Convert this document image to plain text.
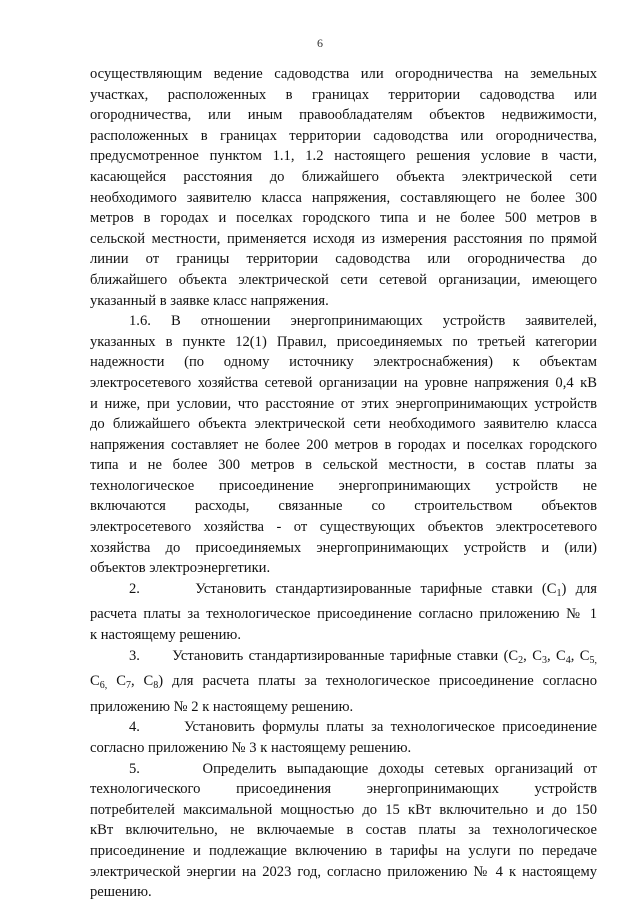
6
осуществляющим ведение садоводства или огородничества на земельных
участках, расположенных в границах территории садоводства или
огородничества, или иным правообладателям объектов недвижимости,
расположенных в границах территории садоводства или огородничества,
предусмотренное пунктом 1.1, 1.2 настоящего решения условие в части,
касающейся расстояния до ближайшего объекта электрической сети
необходимого заявителю класса напряжения, составляющего не более 300
метров в городах и поселках городского типа и не более 500 метров в
сельской местности, применяется исходя из измерения расстояния по прямой
линии от границы территории садоводства или огородничества до
ближайшего объекта электрической сети сетевой организации, имеющего
указанный в заявке класс напряжения.
1.6. В отношении энергопринимающих устройств заявителей,
указанных в пункте 12(1) Правил, присоединяемых по третьей категории
надежности (по одному источнику электроснабжения) к объектам
электросетевого хозяйства сетевой организации на уровне напряжения 0,4 кВ
и ниже, при условии, что расстояние от этих энергопринимающих устройств
до ближайшего объекта электрической сети необходимого заявителю класса
напряжения составляет не более 200 метров в городах и поселках городского
типа и не более 300 метров в сельской местности, в состав платы за
технологическое присоединение энергопринимающих устройств не
включаются расходы, связанные со строительством объектов
электросетевого хозяйства - от существующих объектов электросетевого
хозяйства до присоединяемых энергопринимающих устройств и (или)
объектов электроэнергетики.
2.      Установить стандартизированные тарифные ставки $(С_1)$ для
расчета платы за технологическое присоединение согласно приложению № 1
к настоящему решению.
3.      Установить стандартизированные тарифные ставки ($С_2$, $С_3$, $С_4$, $С_{5,}$
$С_{6,}$ $С_7$, $С_8$) для расчета платы за технологическое присоединение согласно
приложению № 2 к настоящему решению.
4.      Установить формулы платы за технологическое присоединение
согласно приложению № 3 к настоящему решению.
5.      Определить выпадающие доходы сетевых организаций от
технологического присоединения энергопринимающих устройств
потребителей максимальной мощностью до 15 кВт включительно и до 150
кВт включительно, не включаемые в состав платы за технологическое
присоединение и подлежащие включению в тарифы на услуги по передаче
электрической энергии на 2023 год, согласно приложению № 4 к настоящему
решению.
